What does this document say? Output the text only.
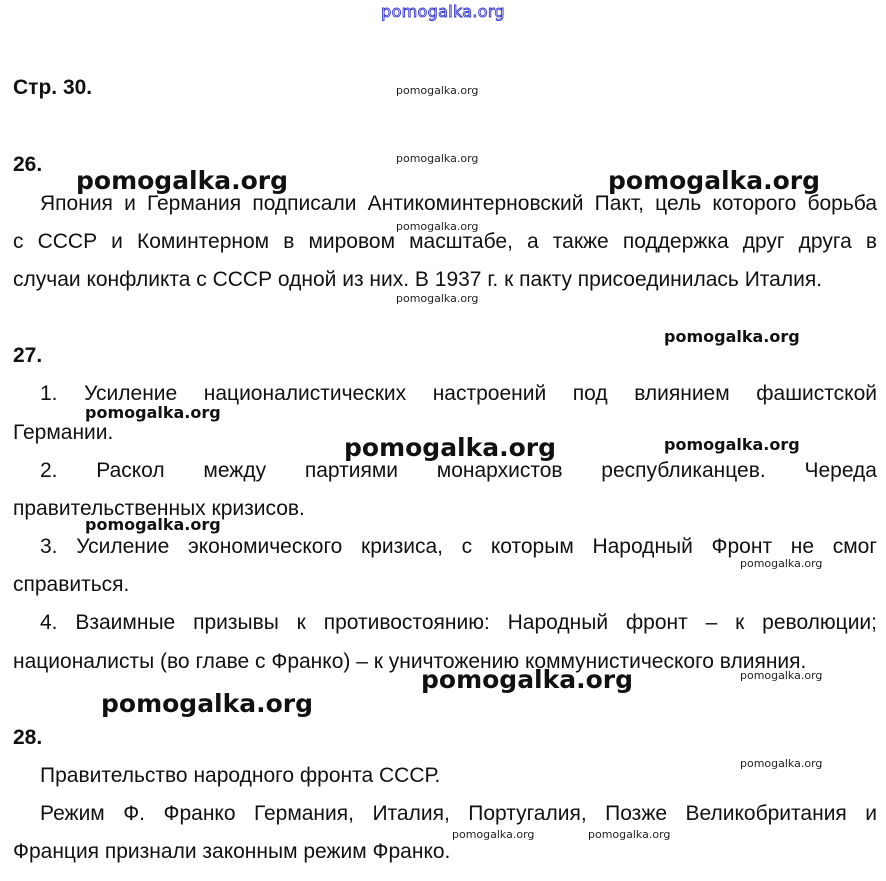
pomogalka.org
Стр. 30.
26.
Япония и Германия подписали Антикоминтерновский Пакт, цель которого борьба
с СССР и Коминтерном в мировом масштабе, а также поддержка друг друга в
случаи конфликта с СССР одной из них. В 1937 г. к пакту присоединилась Италия.
27.
1. Усиление националистических настроений под влиянием фашистской
Германии.
2. Раскол между партиями монархистов республиканцев. Череда
правительственных кризисов.
3. Усиление экономического кризиса, с которым Народный Фронт не смог
справиться.
4. Взаимные призывы к противостоянию: Народный фронт – к революции;
националисты (во главе с Франко) – к уничтожению коммунистического влияния.
28.
Правительство народного фронта СССР.
Режим Ф. Франко Германия, Италия, Португалия, Позже Великобритания и
Франция признали законным режим Франко.
pomogalka.org
pomogalka.org
pomogalka.org
pomogalka.org
pomogalka.org
pomogalka.org
pomogalka.org
pomogalka.org	pomogalka.org
pomogalka.org
pomogalka.org
pomogalka.org
pomogalka.org
pomogalka.org	pomogalka.org
pomogalka.org
pomogalka.org
pomogalka.org
